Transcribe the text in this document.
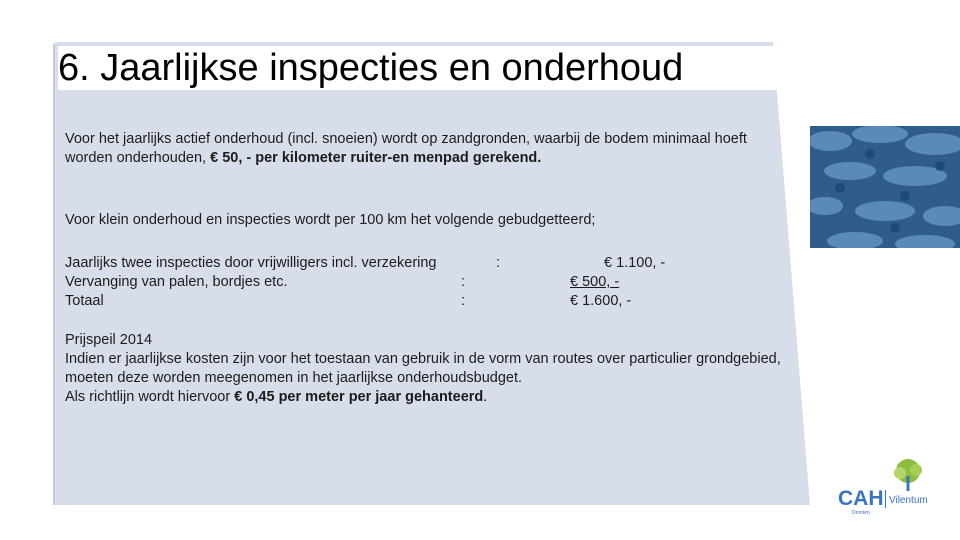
6. Jaarlijkse inspecties en onderhoud
Voor het jaarlijks actief onderhoud (incl. snoeien) wordt op zandgronden, waarbij de bodem minimaal hoeft worden onderhouden, € 50, - per kilometer ruiter-en menpad gerekend.
Voor klein onderhoud en inspecties wordt per 100 km het volgende gebudgetteerd;
Jaarlijks twee inspecties door vrijwilligers incl. verzekering	:	€ 1.100, -
Vervanging van palen, bordjes etc.	:	€ 500, -
Totaal	:	€ 1.600, -
Prijspeil 2014
Indien er jaarlijkse kosten zijn voor het toestaan van gebruik in de vorm van routes over particulier grondgebied, moeten deze worden meegenomen in het jaarlijkse onderhoudsbudget.
Als richtlijn wordt hiervoor € 0,45 per meter per jaar gehanteerd.
CAH Vilentum
Dronten
